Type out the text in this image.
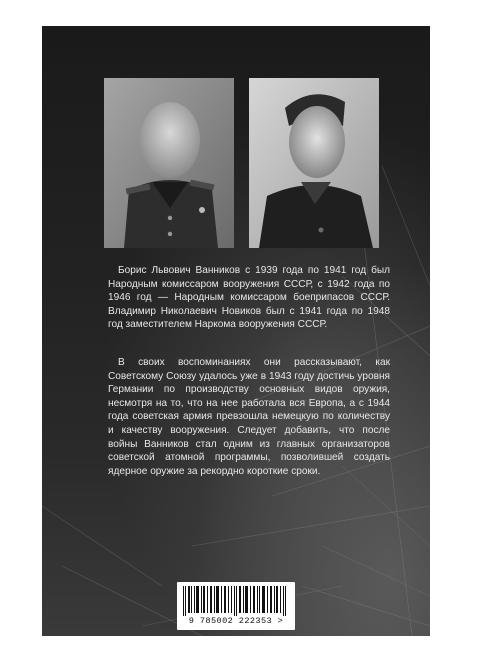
Борис Львович Ванников с 1939 года по 1941 год был Народным комиссаром вооружения СССР, с 1942 года по 1946 год — Народным комиссаром боеприпасов СССР. Владимир Николаевич Новиков был с 1941 года по 1948 год заместителем Наркома вооружения СССР.

В своих воспоминаниях они рассказывают, как Советскому Союзу удалось уже в 1943 году достичь уровня Германии по производству основных видов оружия, несмотря на то, что на нее работала вся Европа, а с 1944 года советская армия превзошла немецкую по количеству и качеству вооружения. Следует добавить, что после войны Ванников стал одним из главных организаторов советской атомной программы, позволившей создать ядерное оружие за рекордно короткие сроки.

9 785002 222353 >
